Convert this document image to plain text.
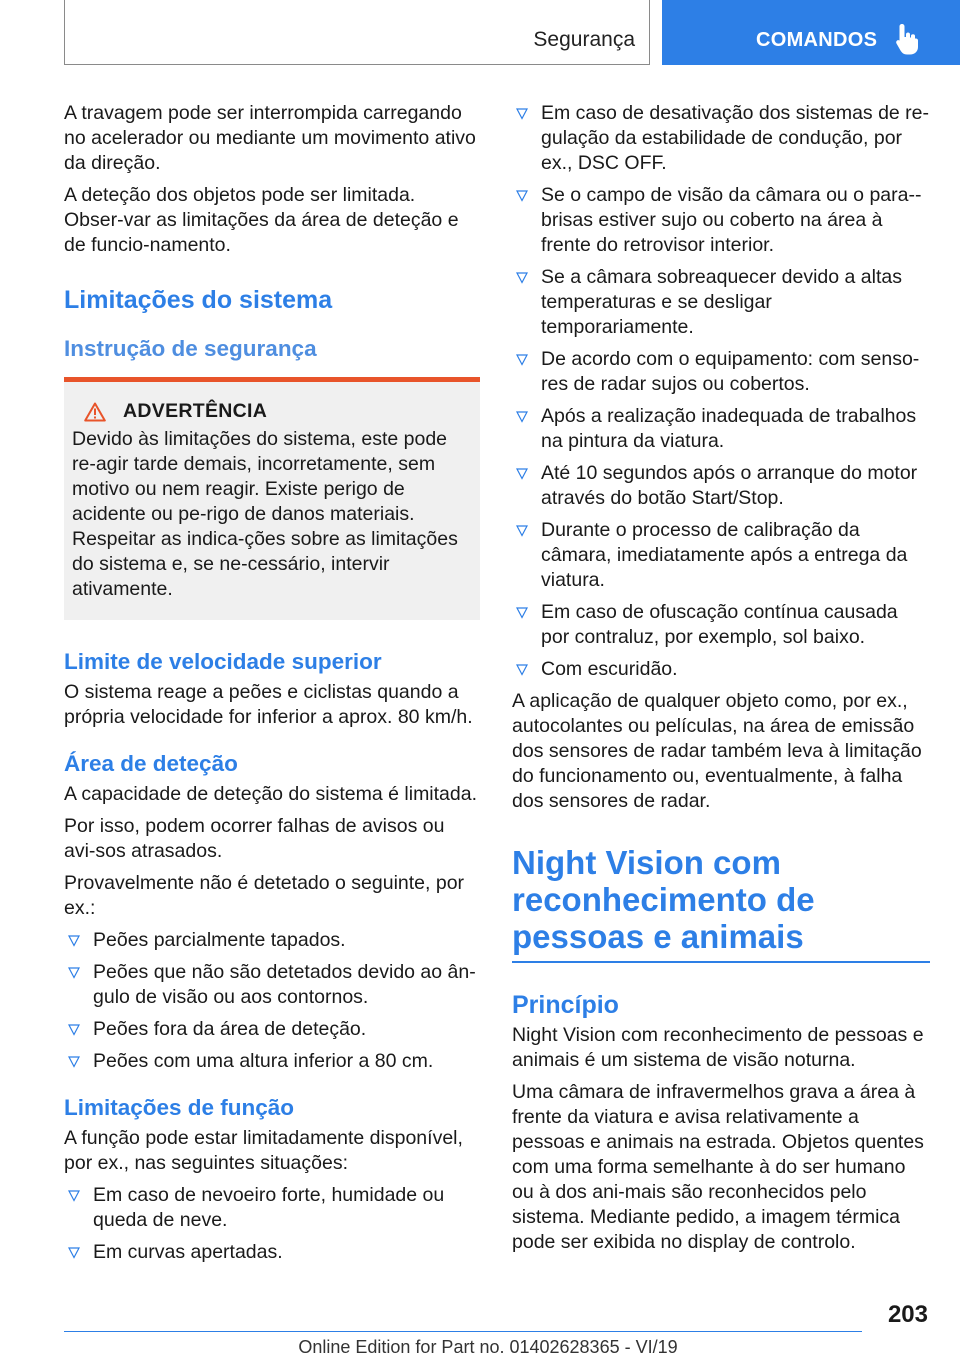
Segurança	COMANDOS

A travagem pode ser interrompida carregando no acelerador ou mediante um movimento ativo da direção.

A deteção dos objetos pode ser limitada. Obser‐var as limitações da área de deteção e de funcio‐namento.

Limitações do sistema
Instrução de segurança
ADVERTÊNCIA

Devido às limitações do sistema, este pode re‐agir tarde demais, incorretamente, sem motivo ou nem reagir. Existe perigo de acidente ou pe‐rigo de danos materiais. Respeitar as indica‐ções sobre as limitações do sistema e, se ne‐cessário, intervir ativamente.

Limite de velocidade superior

O sistema reage a peões e ciclistas quando a própria velocidade for inferior a aprox. 80 km/h.

Área de deteção

A capacidade de deteção do sistema é limitada.

Por isso, podem ocorrer falhas de avisos ou avi‐sos atrasados.

Provavelmente não é detetado o seguinte, por ex.:

Peões parcialmente tapados.
Peões que não são detetados devido ao ân‐gulo de visão ou aos contornos.
Peões fora da área de deteção.
Peões com uma altura inferior a 80 cm.
Limitações de função

A função pode estar limitadamente disponível, por ex., nas seguintes situações:

Em caso de nevoeiro forte, humidade ou queda de neve.
Em curvas apertadas.
Em caso de desativação dos sistemas de re‐gulação da estabilidade de condução, por ex., DSC OFF.
Se o campo de visão da câmara ou o para‐-brisas estiver sujo ou coberto na área à frente do retrovisor interior.
Se a câmara sobreaquecer devido a altas temperaturas e se desligar temporariamente.
De acordo com o equipamento: com senso‐res de radar sujos ou cobertos.
Após a realização inadequada de trabalhos na pintura da viatura.
Até 10 segundos após o arranque do motor através do botão Start/Stop.
Durante o processo de calibração da câmara, imediatamente após a entrega da viatura.
Em caso de ofuscação contínua causada por contraluz, por exemplo, sol baixo.
Com escuridão.

A aplicação de qualquer objeto como, por ex., autocolantes ou películas, na área de emissão dos sensores de radar também leva à limitação do funcionamento ou, eventualmente, à falha dos sensores de radar.

Night Vision com reconhecimento de pessoas e animais
Princípio

Night Vision com reconhecimento de pessoas e animais é um sistema de visão noturna.

Uma câmara de infravermelhos grava a área à frente da viatura e avisa relativamente a pessoas e animais na estrada. Objetos quentes com uma forma semelhante à do ser humano ou à dos ani‐mais são reconhecidos pelo sistema. Mediante pedido, a imagem térmica pode ser exibida no display de controlo.

203
Online Edition for Part no. 01402628365 - VI/19
